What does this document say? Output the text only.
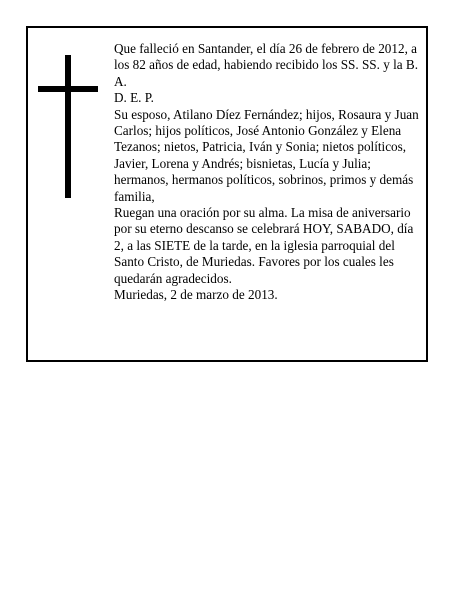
Que falleció en Santander, el día 26 de febrero de 2012, a los 82 años de edad, habiendo recibido los SS. SS. y la B. A.

D. E. P.

Su esposo, Atilano Díez Fernández; hijos, Rosaura y Juan Carlos; hijos políticos, José Antonio González y Elena Tezanos; nietos, Patricia, Iván y Sonia; nietos políticos, Javier, Lorena y Andrés; bisnietas, Lucía y Julia; hermanos, hermanos políticos, sobrinos, primos y demás familia,

Ruegan una oración por su alma. La misa de aniversario por su eterno descanso se celebrará HOY, SABADO, día 2, a las SIETE de la tarde, en la iglesia parroquial del Santo Cristo, de Muriedas. Favores por los cuales les quedarán agradecidos.

Muriedas, 2 de marzo de 2013.
